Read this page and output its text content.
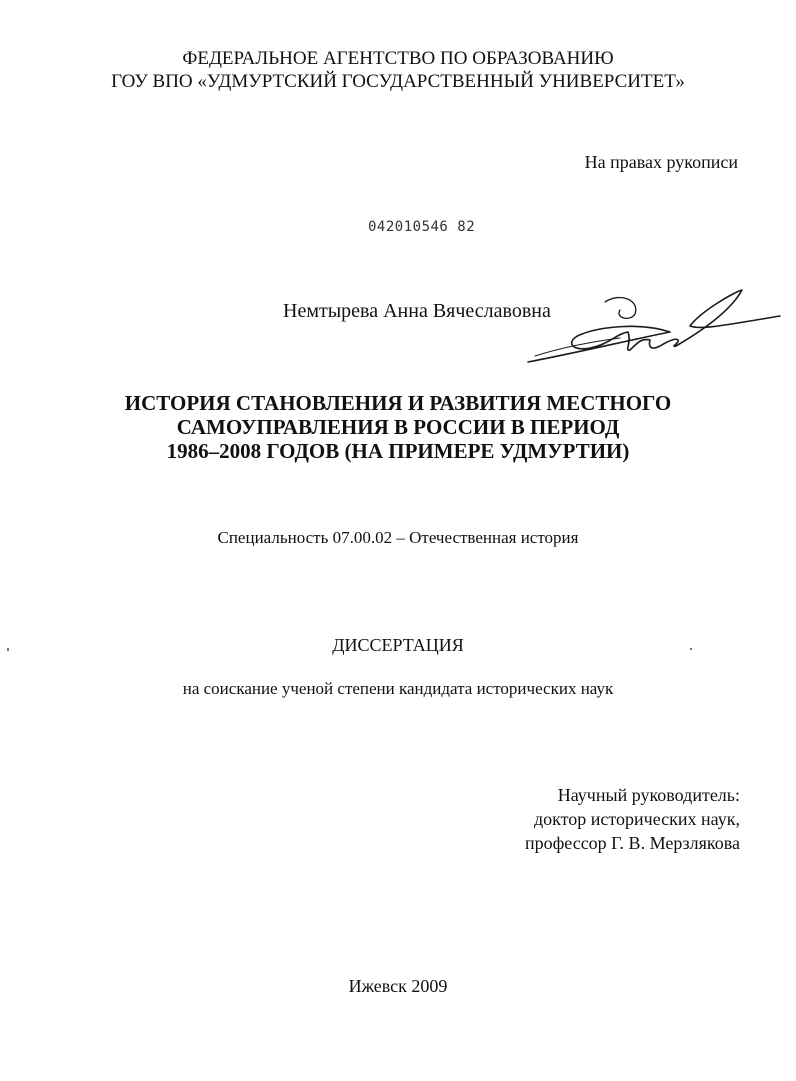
ФЕДЕРАЛЬНОЕ АГЕНТСТВО ПО ОБРАЗОВАНИЮ
ГОУ ВПО «УДМУРТСКИЙ ГОСУДАРСТВЕННЫЙ УНИВЕРСИТЕТ»
На правах рукописи
042010546 82
Немтырева Анна Вячеславовна
ИСТОРИЯ СТАНОВЛЕНИЯ И РАЗВИТИЯ МЕСТНОГО
САМОУПРАВЛЕНИЯ В РОССИИ В ПЕРИОД
1986–2008 ГОДОВ (НА ПРИМЕРЕ УДМУРТИИ)
Специальность 07.00.02 – Отечественная история
ДИССЕРТАЦИЯ
на соискание ученой степени кандидата исторических наук
Научный руководитель:
доктор исторических наук,
профессор Г. В. Мерзлякова
Ижевск 2009
